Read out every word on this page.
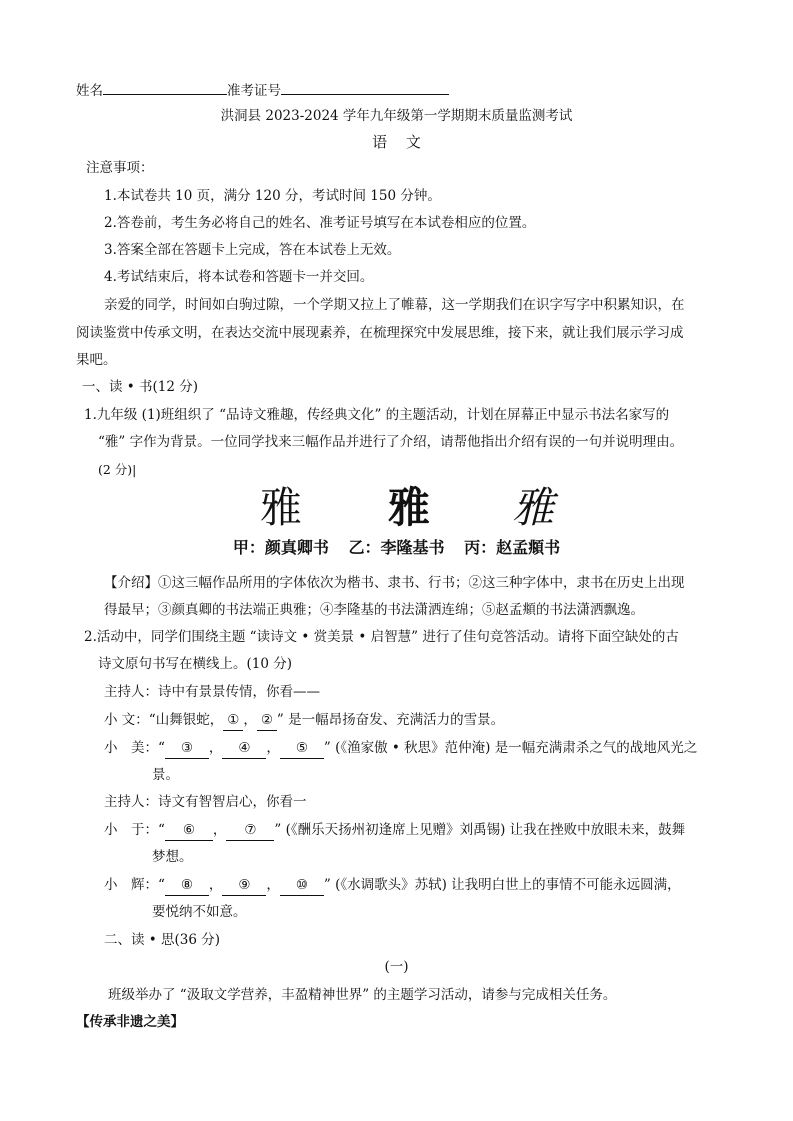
姓名	准考证号
洪洞县 2023-2024 学年九年级第一学期期末质量监测考试
语 文
注意事项：
1.本试卷共 10 页，满分 120 分，考试时间 150 分钟。
2.答卷前，考生务必将自己的姓名、准考证号填写在本试卷相应的位置。
3.答案全部在答题卡上完成，答在本试卷上无效。
4.考试结束后，将本试卷和答题卡一并交回。
亲爱的同学，时间如白驹过隙，一个学期又拉上了帷幕，这一学期我们在识字写字中积累知识，在
阅读鉴赏中传承文明，在表达交流中展现素养，在梳理探究中发展思维，接下来，就让我们展示学习成
果吧。
一、读 • 书(12 分)
1.九年级 (1)班组织了 “品诗文雅趣，传经典文化” 的主题活动，计划在屏幕正中显示书法名家写的
“雅” 字作为背景。一位同学找来三幅作品并进行了介绍，请帮他指出介绍有误的一句并说明理由。
(2 分)|
雅 雅 雅
甲：颜真卿书 乙：李隆基书 丙：赵孟頫书
【介绍】①这三幅作品所用的字体依次为楷书、隶书、行书；②这三种字体中，隶书在历史上出现
得最早；③颜真卿的书法端正典雅；④李隆基的书法潇洒连绵；⑤赵孟頫的书法潇洒飘逸。
2.活动中，同学们围绕主题 “读诗文 • 赏美景 • 启智慧” 进行了佳句竞答活动。请将下面空缺处的古
诗文原句书写在横线上。(10 分)
主持人：诗中有景景传情，你看——
小 文：“山舞银蛇， ① ， ② ” 是一幅昂扬奋发、充满活力的雪景。
小　美：“ ③ ， ④ ， ⑤ ” (《渔家傲 • 秋思》范仲淹) 是一幅充满肃杀之气的战地风光之
景。
主持人：诗文有智智启心，你看一
小　于：“ ⑥ ， ⑦ ” (《酬乐天扬州初逢席上见赠》刘禹锡) 让我在挫败中放眼未来，鼓舞
梦想。
小　辉：“ ⑧ ， ⑨ ， ⑩ ” (《水调歌头》苏轼) 让我明白世上的事情不可能永远圆满，
要悦纳不如意。
二、读 • 思(36 分)
(一)
班级举办了 “汲取文学营养，丰盈精神世界” 的主题学习活动，请参与完成相关任务。
【传承非遗之美】
